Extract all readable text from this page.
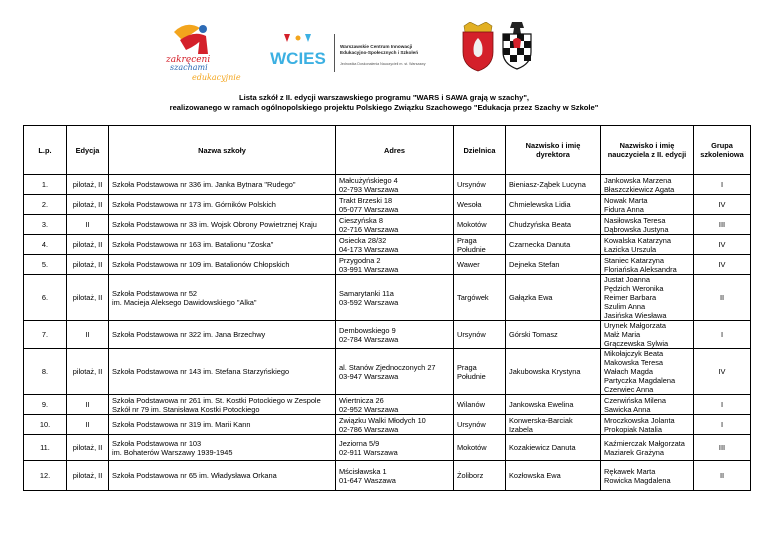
zakręceni
szachami
edukacyjnie
WCIES
Warszawskie Centrum Innowacji
Edukacyjno-Społecznych i Szkoleń
Jednostka Doskonalenia Nauczycieli m. st. Warszawy
Lista szkół z II. edycji warszawskiego programu "WARS i SAWA grają w szachy",
realizowanego w ramach ogólnopolskiego projektu Polskiego Związku Szachowego "Edukacja przez Szachy w Szkole"
L.p.	Edycja	Nazwa szkoły	Adres	Dzielnica	Nazwisko i imię dyrektora	Nazwisko i imię nauczyciela z II. edycji	Grupa szkoleniowa
1.	pilotaż, II	Szkoła Podstawowa nr 336 im. Janka Bytnara "Rudego"	Małcużyńskiego 4
02-793 Warszawa	Ursynów	Bieniasz-Ząbek Lucyna	Jankowska Marzena
Błaszczkiewicz Agata	I
2.	pilotaż, II	Szkoła Podstawowa nr 173 im. Górników Polskich	Trakt Brzeski 18
05-077 Warszawa	Wesoła	Chmielewska Lidia	Nowak Marta
Fidura Anna	IV
3.	II	Szkoła Podstawowa nr 33 im. Wojsk Obrony Powietrznej Kraju	Cieszyńska 8
02-716 Warszawa	Mokotów	Chudzyńska Beata	Nasiłowska Teresa
Dąbrowska Justyna	III
4.	pilotaż, II	Szkoła Podstawowa nr 163 im. Batalionu "Zoska"	Osiecka 28/32
04-173 Warszawa	Praga
Południe	Czarnecka Danuta	Kowalska Katarzyna
Łazicka Urszula	IV
5.	pilotaż, II	Szkoła Podstawowa nr 109 im. Batalionów Chłopskich	Przygodna 2
03-991 Warszawa	Wawer	Dejneka Stefan	Staniec Katarzyna
Floriańska Aleksandra	IV
6.	pilotaż, II	Szkoła Podstawowa nr 52
im. Macieja Aleksego Dawidowskiego "Alka"	Samarytanki 11a
03-592 Warszawa	Targówek	Gałązka Ewa	Justat Joanna
Pędzich Weronika
Reimer Barbara
Szulim Anna
Jasińska Wiesława	II
7.	II	Szkoła Podstawowa nr 322 im. Jana Brzechwy	Dembowskiego 9
02-784 Warszawa	Ursynów	Górski Tomasz	Urynek Małgorzata
Małż Maria
Grączewska Sylwia	I
8.	pilotaż, II	Szkoła Podstawowa nr 143 im. Stefana Starzyńskiego	al. Stanów Zjednoczonych 27
03-947 Warszawa	Praga
Południe	Jakubowska Krystyna	Mikołajczyk Beata
Makowska Teresa
Wałach Magda
Partyczka Magdalena
Czerwiec Anna	IV
9.	II	Szkoła Podstawowa nr 261 im. St. Kostki Potockiego w Zespole Szkół nr 79 im. Stanisława Kostki Potockiego	Wiertnicza 26
02-952 Warszawa	Wilanów	Jankowska Ewelina	Czerwińska Milena
Sawicka Anna	I
10.	II	Szkoła Podstawowa nr 319 im. Marii Kann	Związku Walki Młodych 10
02-786 Warszawa	Ursynów	Konwerska-Barciak Izabela	Mroczkowska Jolanta
Prokopiak Natalia	I
11.	pilotaż, II	Szkoła Podstawowa nr 103
im. Bohaterów Warszawy 1939-1945	Jeziorna 5/9
02-911 Warszawa	Mokotów	Kozakiewicz Danuta	Kaźmierczak Małgorzata
Maziarek Grażyna	III
12.	pilotaż, II	Szkoła Podstawowa nr 65 im. Władysława Orkana	Mścisławska 1
01-647 Waszawa	Żoliborz	Kozłowska Ewa	Rękawek Marta
Rowicka Magdalena	II
